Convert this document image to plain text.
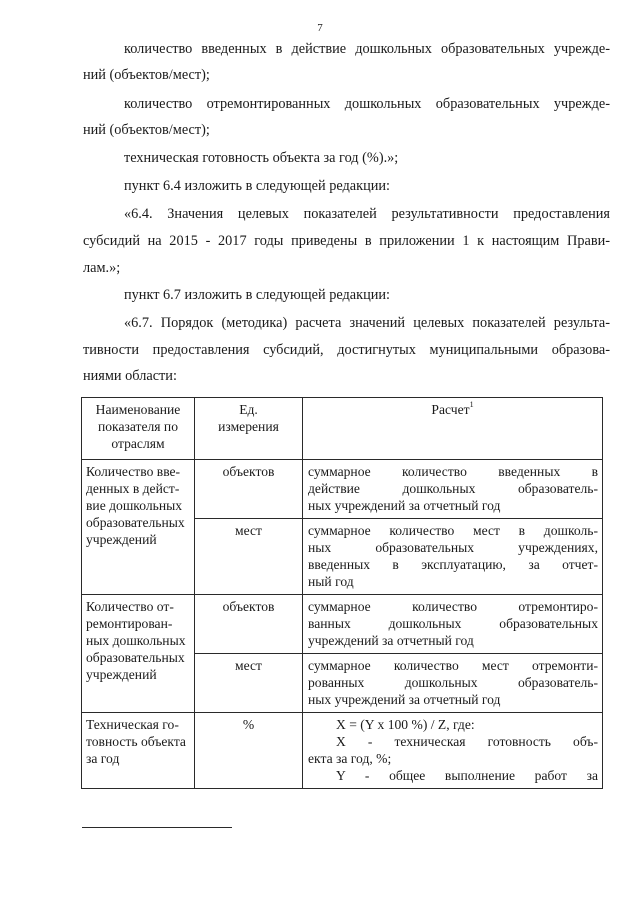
7
количество введенных в действие дошкольных образовательных учрежде-
ний (объектов/мест);
количество отремонтированных дошкольных образовательных учрежде-
ний (объектов/мест);
техническая готовность объекта за год (%).»;
пункт 6.4 изложить в следующей редакции:
«6.4. Значения целевых показателей результативности предоставления
субсидий на 2015 - 2017 годы приведены в приложении 1 к настоящим Прави-
лам.»;
пункт 6.7 изложить в следующей редакции:
«6.7. Порядок (методика) расчета значений целевых показателей результа-
тивности предоставления субсидий, достигнутых муниципальными образова-
ниями области:
Наименование
показателя по
отраслям	Ед.
измерения	Расчет$^1$

Количество вве-
денных в дейст-
вие дошкольных
образовательных
учреждений	объектов	суммарное количество введенных в
действие дошкольных образователь-
ных учреждений за отчетный год

	мест	суммарное количество мест в дошколь-
ных образовательных учреждениях,
введенных в эксплуатацию, за отчет-
ный год

Количество от-
ремонтирован-
ных дошкольных
образовательных
учреждений	объектов	суммарное количество отремонтиро-
ванных дошкольных образовательных
учреждений за отчетный год

	мест	суммарное количество мест отремонти-
рованных дошкольных образователь-
ных учреждений за отчетный год

Техническая го-
товность объекта
за год	%	X = (Y x 100 %) / Z, где:
X - техническая готовность объ-
екта за год, %;
Y - общее выполнение работ за
